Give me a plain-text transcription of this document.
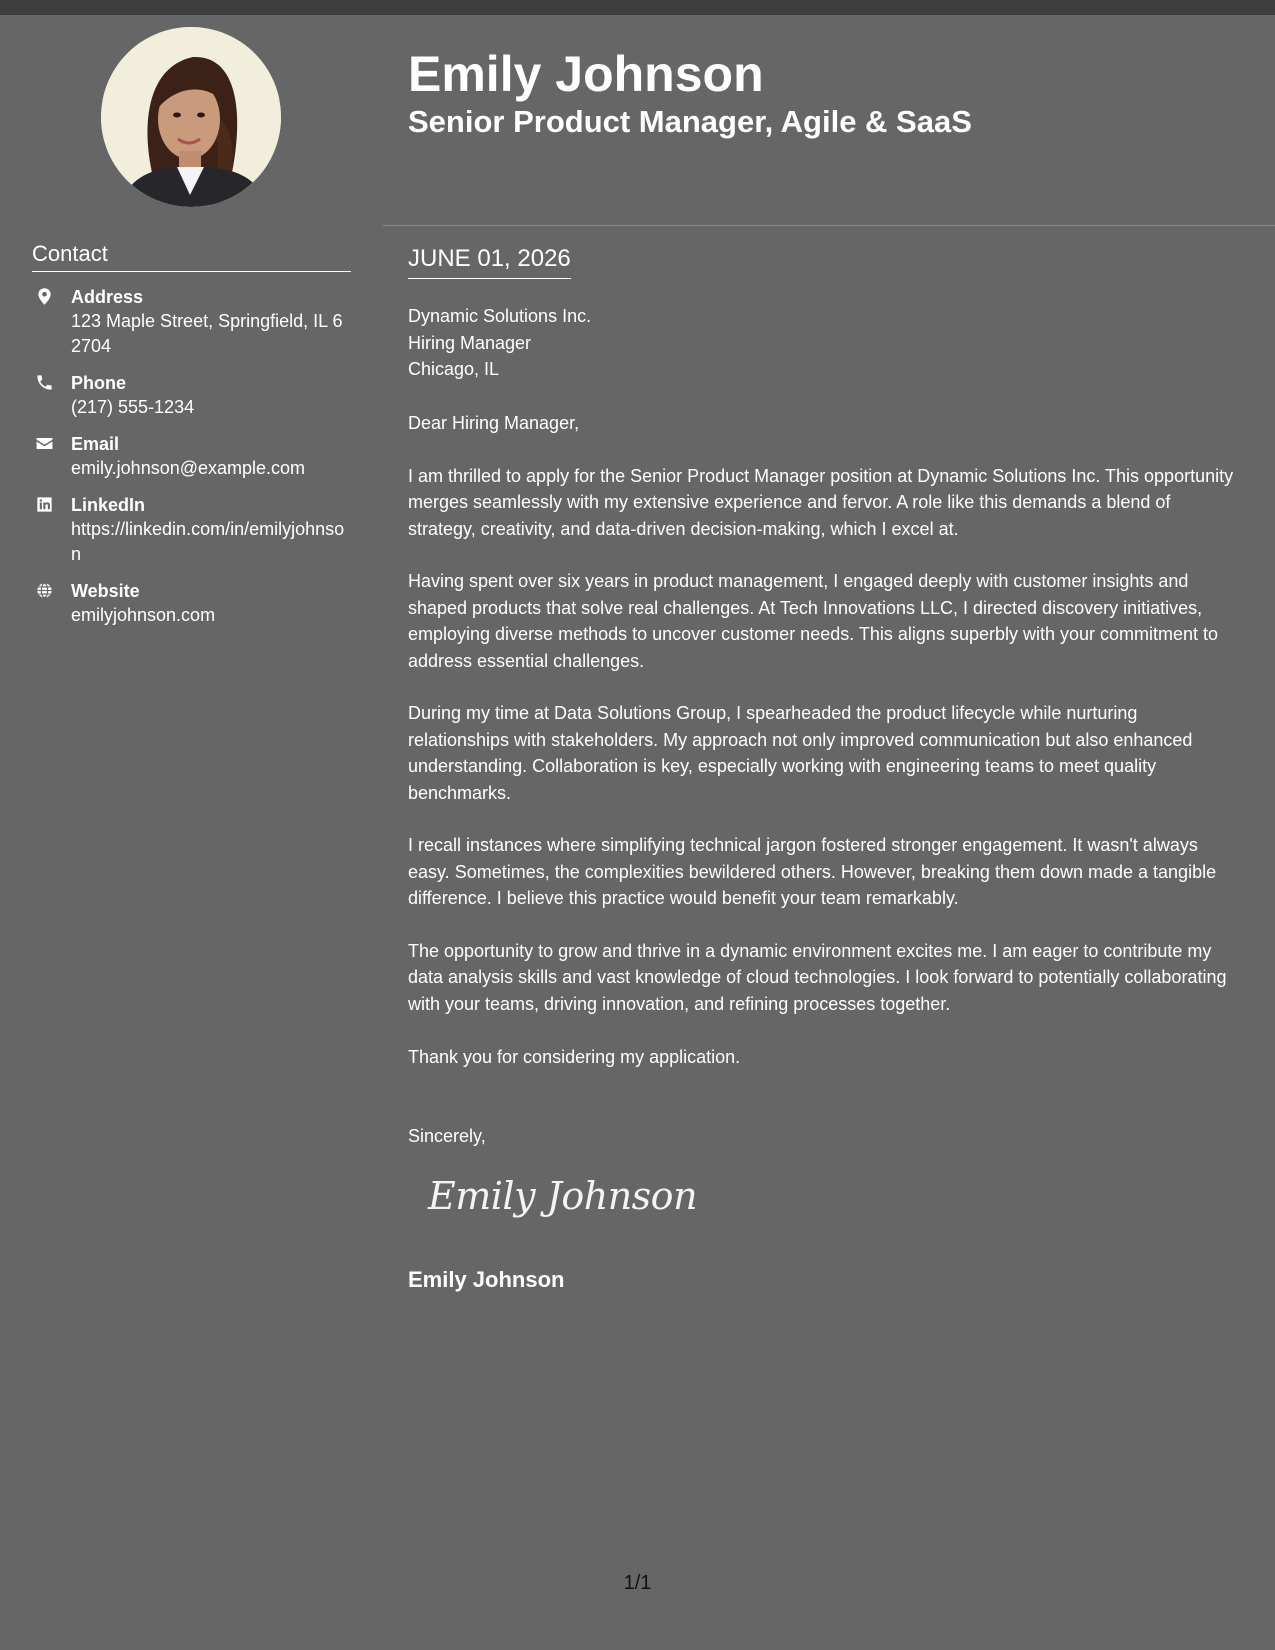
Emily Johnson
Senior Product Manager, Agile & SaaS
Contact
Address
123 Maple Street, Springfield, IL 62704
Phone
(217) 555-1234
Email
emily.johnson@example.com
LinkedIn
https://linkedin.com/in/emilyjohnson
Website
emilyjohnson.com
JUNE 01, 2026
Dynamic Solutions Inc.
Hiring Manager
Chicago, IL

Dear Hiring Manager,

I am thrilled to apply for the Senior Product Manager position at Dynamic Solutions Inc. This opportunity merges seamlessly with my extensive experience and fervor. A role like this demands a blend of strategy, creativity, and data-driven decision-making, which I excel at.

Having spent over six years in product management, I engaged deeply with customer insights and shaped products that solve real challenges. At Tech Innovations LLC, I directed discovery initiatives, employing diverse methods to uncover customer needs. This aligns superbly with your commitment to address essential challenges.

During my time at Data Solutions Group, I spearheaded the product lifecycle while nurturing relationships with stakeholders. My approach not only improved communication but also enhanced understanding. Collaboration is key, especially working with engineering teams to meet quality benchmarks.

I recall instances where simplifying technical jargon fostered stronger engagement. It wasn't always easy. Sometimes, the complexities bewildered others. However, breaking them down made a tangible difference. I believe this practice would benefit your team remarkably.

The opportunity to grow and thrive in a dynamic environment excites me. I am eager to contribute my data analysis skills and vast knowledge of cloud technologies. I look forward to potentially collaborating with your teams, driving innovation, and refining processes together.

Thank you for considering my application.

Sincerely,
Emily Johnson
Emily Johnson
1/1
